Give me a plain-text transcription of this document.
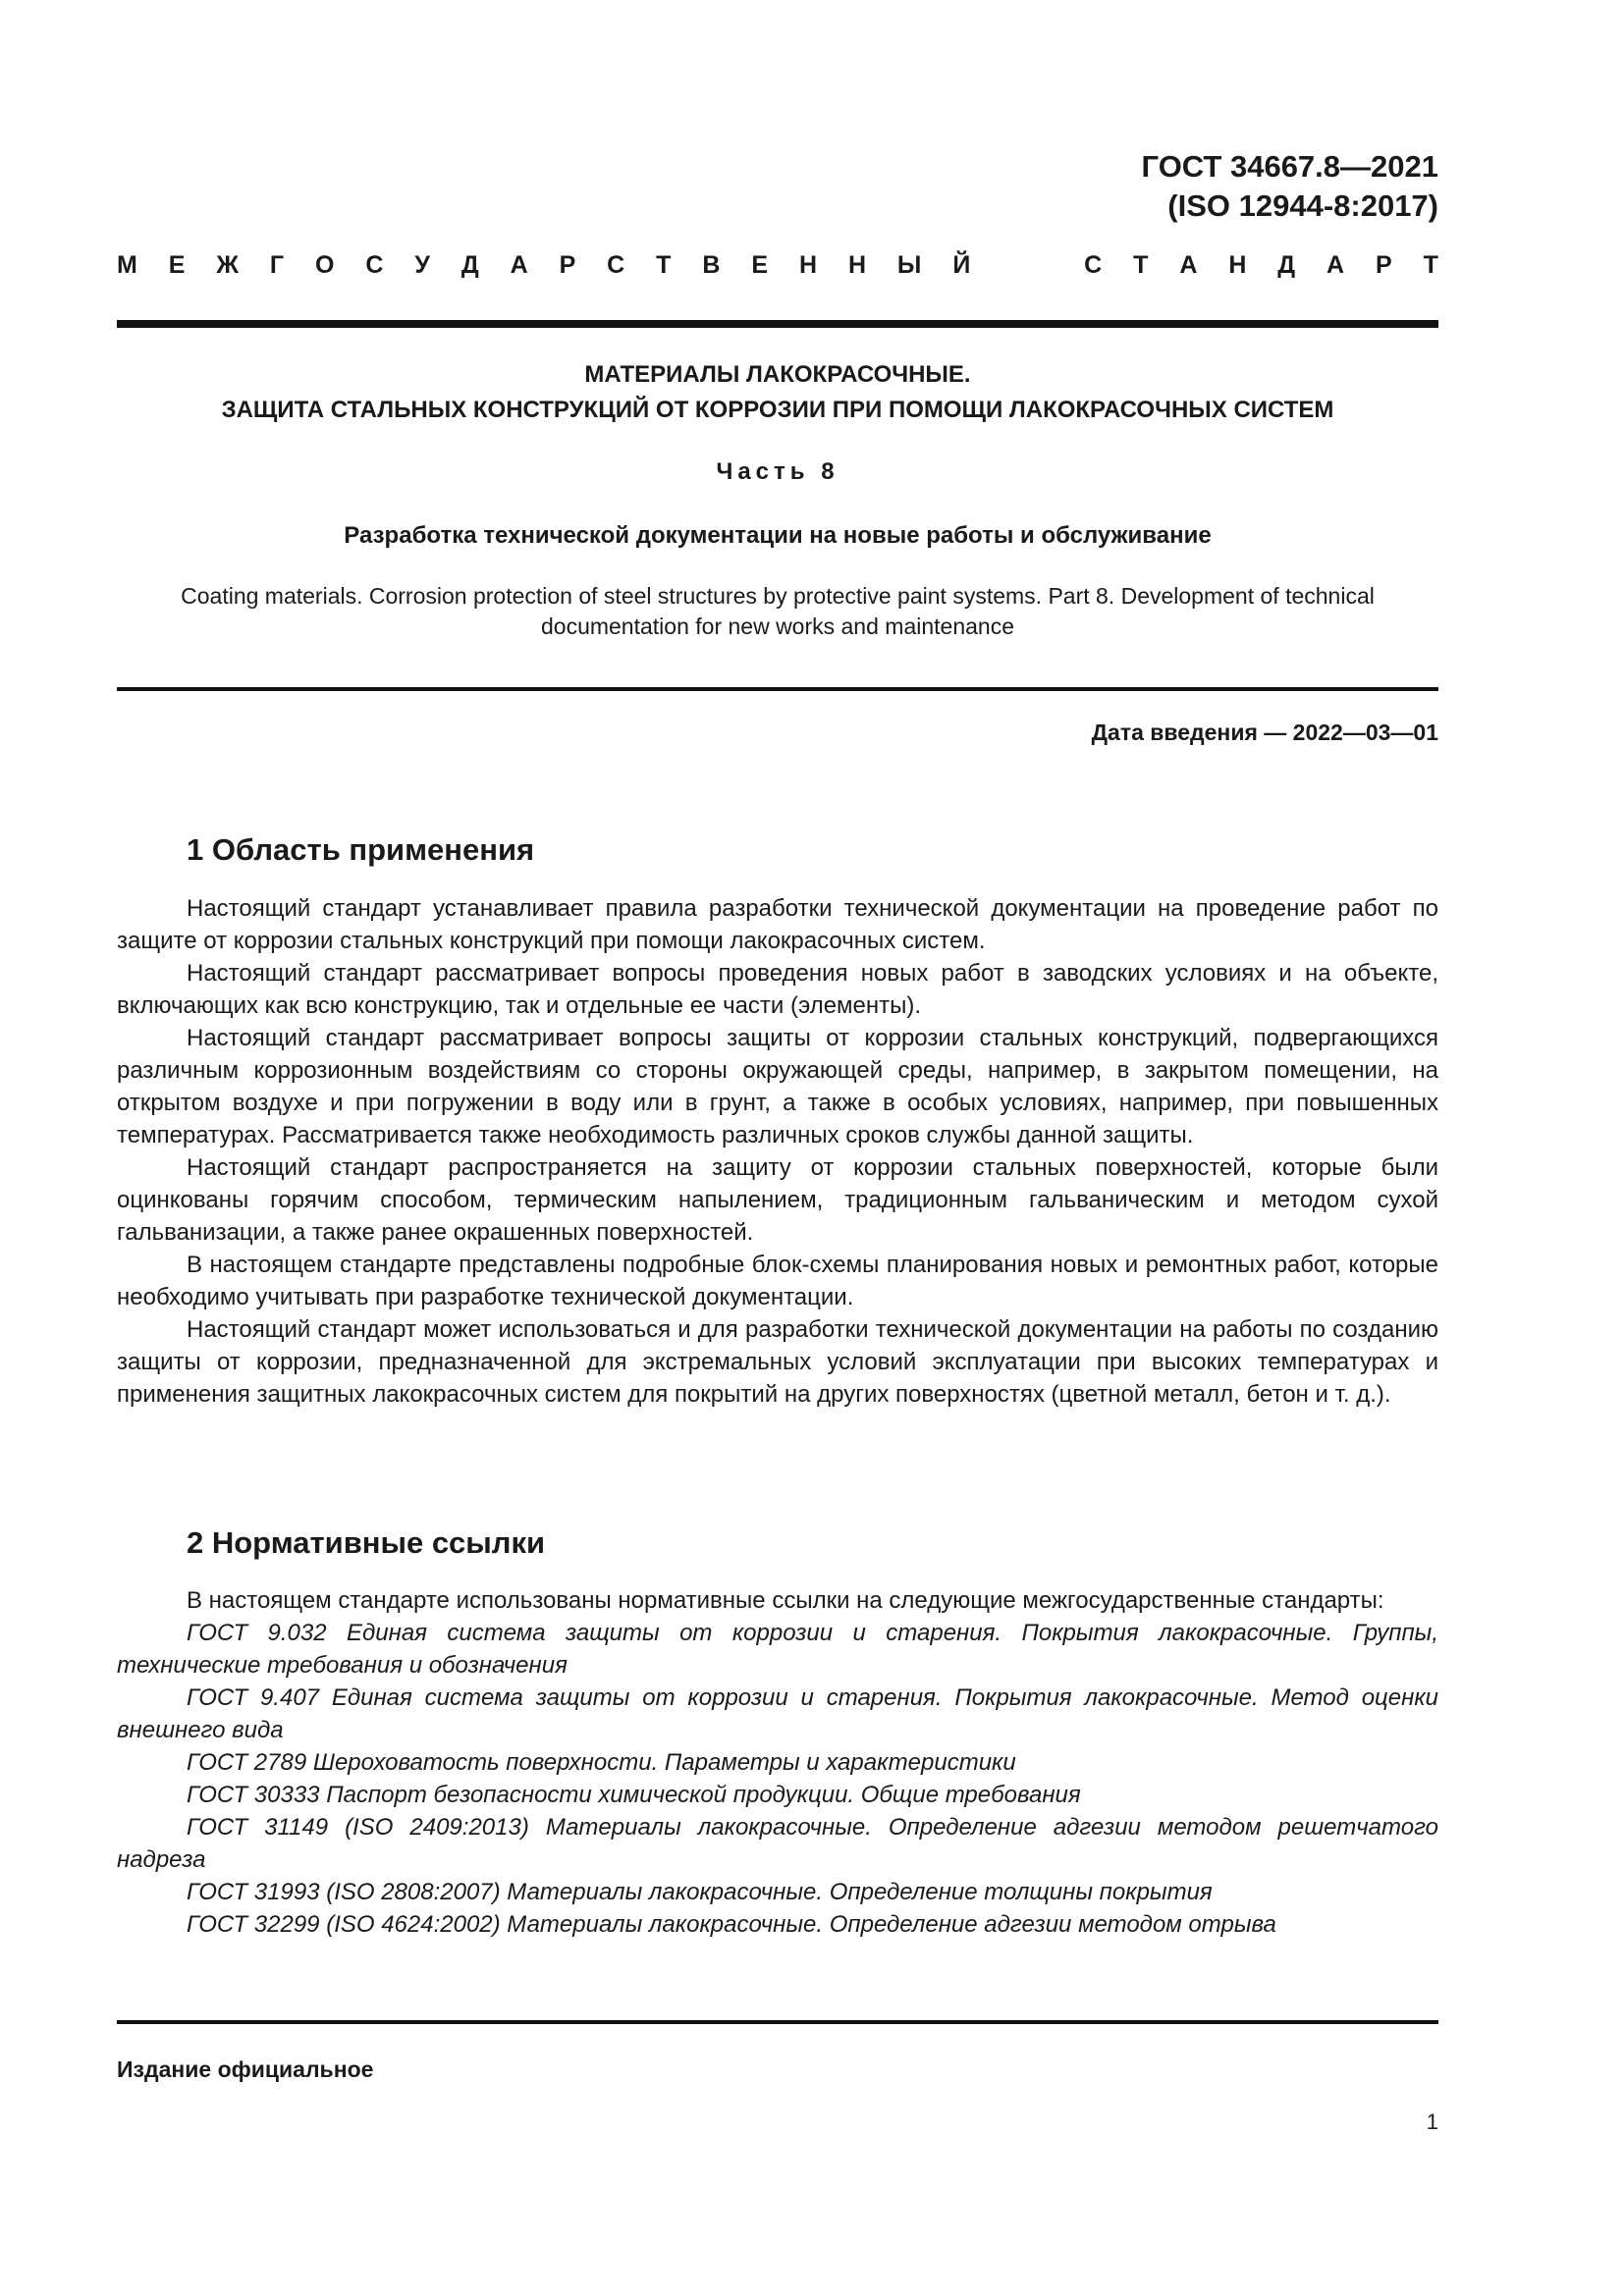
ГОСТ 34667.8—2021
(ISO 12944-8:2017)
М Е Ж Г О С У Д А Р С Т В Е Н Н Ы Й	С Т А Н Д А Р Т
МАТЕРИАЛЫ ЛАКОКРАСОЧНЫЕ.
ЗАЩИТА СТАЛЬНЫХ КОНСТРУКЦИЙ ОТ КОРРОЗИИ ПРИ ПОМОЩИ ЛАКОКРАСОЧНЫХ СИСТЕМ
Часть 8
Разработка технической документации на новые работы и обслуживание
Coating materials. Corrosion protection of steel structures by protective paint systems. Part 8. Development of technical
documentation for new works and maintenance
Дата введения — 2022—03—01
1 Область применения

Настоящий стандарт устанавливает правила разработки технической документации на проведение работ по защите от коррозии стальных конструкций при помощи лакокрасочных систем.

Настоящий стандарт рассматривает вопросы проведения новых работ в заводских условиях и на объекте, включающих как всю конструкцию, так и отдельные ее части (элементы).

Настоящий стандарт рассматривает вопросы защиты от коррозии стальных конструкций, подвергающихся различным коррозионным воздействиям со стороны окружающей среды, например, в закрытом помещении, на открытом воздухе и при погружении в воду или в грунт, а также в особых условиях, например, при повышенных температурах. Рассматривается также необходимость различных сроков службы данной защиты.

Настоящий стандарт распространяется на защиту от коррозии стальных поверхностей, которые были оцинкованы горячим способом, термическим напылением, традиционным гальваническим и методом сухой гальванизации, а также ранее окрашенных поверхностей.

В настоящем стандарте представлены подробные блок-схемы планирования новых и ремонтных работ, которые необходимо учитывать при разработке технической документации.

Настоящий стандарт может использоваться и для разработки технической документации на работы по созданию защиты от коррозии, предназначенной для экстремальных условий эксплуатации при высоких температурах и применения защитных лакокрасочных систем для покрытий на других поверхностях (цветной металл, бетон и т. д.).

2 Нормативные ссылки

В настоящем стандарте использованы нормативные ссылки на следующие межгосударственные стандарты:

ГОСТ 9.032 Единая система защиты от коррозии и старения. Покрытия лакокрасочные. Группы, технические требования и обозначения

ГОСТ 9.407 Единая система защиты от коррозии и старения. Покрытия лакокрасочные. Метод оценки внешнего вида

ГОСТ 2789 Шероховатость поверхности. Параметры и характеристики

ГОСТ 30333 Паспорт безопасности химической продукции. Общие требования

ГОСТ 31149 (ISO 2409:2013) Материалы лакокрасочные. Определение адгезии методом решетчатого надреза

ГОСТ 31993 (ISO 2808:2007) Материалы лакокрасочные. Определение толщины покрытия

ГОСТ 32299 (ISO 4624:2002) Материалы лакокрасочные. Определение адгезии методом отрыва

Издание официальное
1
